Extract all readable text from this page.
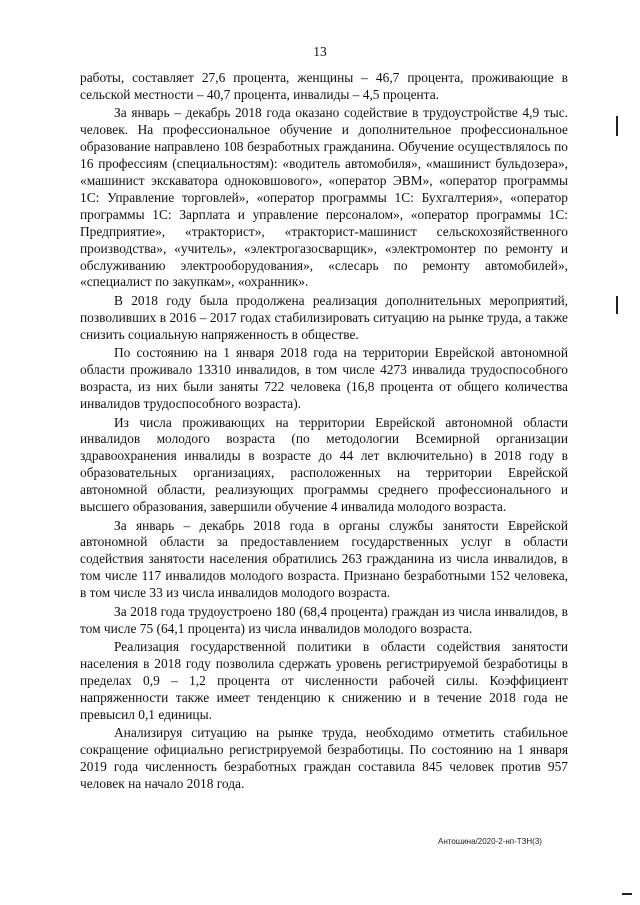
13

работы, составляет 27,6 процента, женщины – 46,7 процента, проживающие в сельской местности – 40,7 процента, инвалиды – 4,5 процента.

За январь – декабрь 2018 года оказано содействие в трудоустройстве 4,9 тыс. человек. На профессиональное обучение и дополнительное профессиональное образование направлено 108 безработных гражданина. Обучение осуществлялось по 16 профессиям (специальностям): «водитель автомобиля», «машинист бульдозера», «машинист экскаватора одноковшового», «оператор ЭВМ», «оператор программы 1С: Управление торговлей», «оператор программы 1С: Бухгалтерия», «оператор программы 1С: Зарплата и управление персоналом», «оператор программы 1С: Предприятие», «тракторист», «тракторист-машинист сельскохозяйственного производства», «учитель», «электрогазосварщик», «электромонтер по ремонту и обслуживанию электрооборудования», «слесарь по ремонту автомобилей», «специалист по закупкам», «охранник».

В 2018 году была продолжена реализация дополнительных мероприятий, позволивших в 2016 – 2017 годах стабилизировать ситуацию на рынке труда, а также снизить социальную напряженность в обществе.

По состоянию на 1 января 2018 года на территории Еврейской автономной области проживало 13310 инвалидов, в том числе 4273 инвалида трудоспособного возраста, из них были заняты 722 человека (16,8 процента от общего количества инвалидов трудоспособного возраста).

Из числа проживающих на территории Еврейской автономной области инвалидов молодого возраста (по методологии Всемирной организации здравоохранения инвалиды в возрасте до 44 лет включительно) в 2018 году в образовательных организациях, расположенных на территории Еврейской автономной области, реализующих программы среднего профессионального и высшего образования, завершили обучение 4 инвалида молодого возраста.

За январь – декабрь 2018 года в органы службы занятости Еврейской автономной области за предоставлением государственных услуг в области содействия занятости населения обратились 263 гражданина из числа инвалидов, в том числе 117 инвалидов молодого возраста. Признано безработными 152 человека, в том числе 33 из числа инвалидов молодого возраста.

За 2018 года трудоустроено 180 (68,4 процента) граждан из числа инвалидов, в том числе 75 (64,1 процента) из числа инвалидов молодого возраста.

Реализация государственной политики в области содействия занятости населения в 2018 году позволила сдержать уровень регистрируемой безработицы в пределах 0,9 – 1,2 процента от численности рабочей силы. Коэффициент напряженности также имеет тенденцию к снижению и в течение 2018 года не превысил 0,1 единицы.

Анализируя ситуацию на рынке труда, необходимо отметить стабильное сокращение официально регистрируемой безработицы. По состоянию на 1 января 2019 года численность безработных граждан составила 845 человек против 957 человек на начало 2018 года.

Антошина/2020-2-нп-ТЗН(3)
